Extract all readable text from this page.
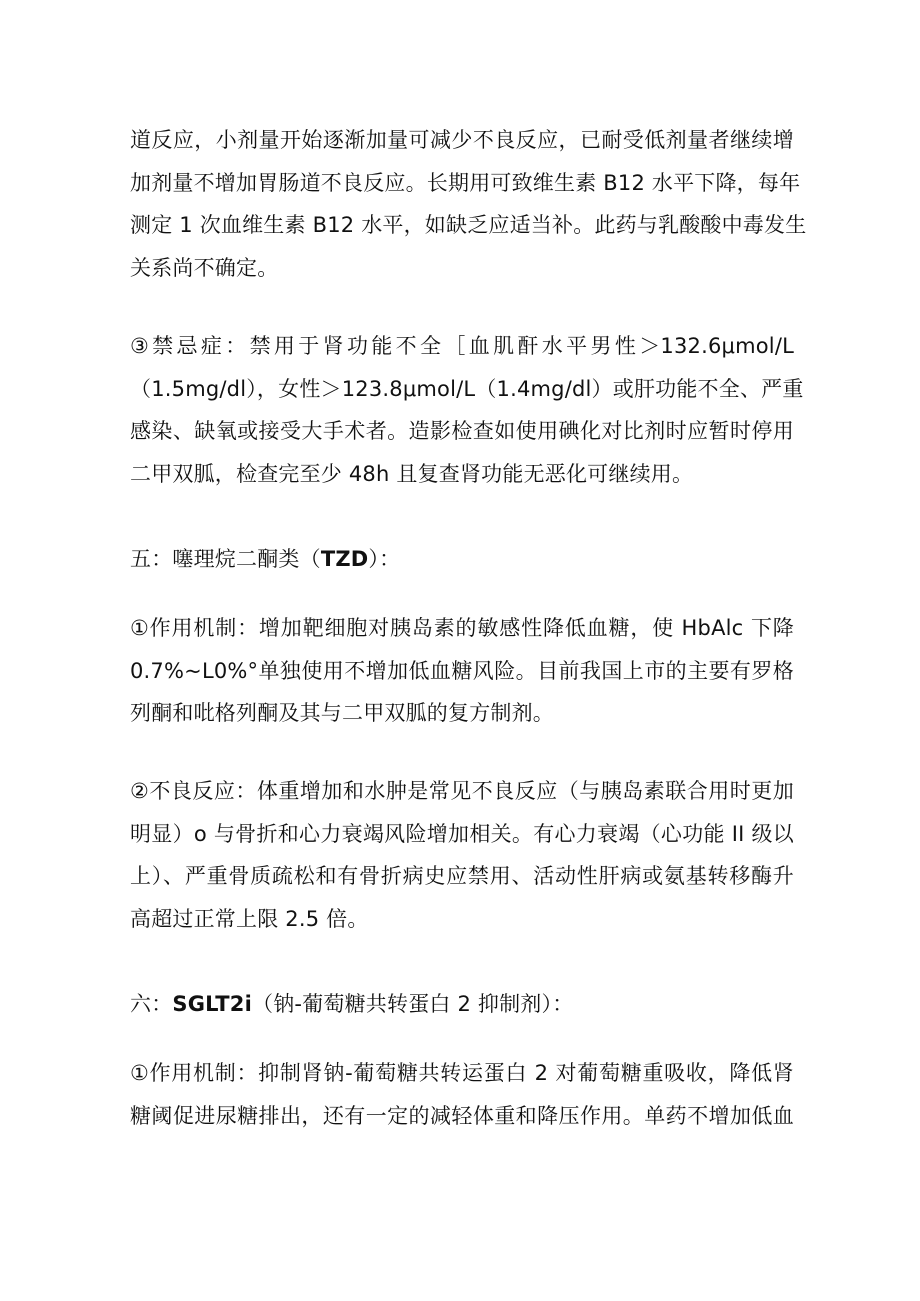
道反应，小剂量开始逐渐加量可减少不良反应，已耐受低剂量者继续增
加剂量不增加胃肠道不良反应。长期用可致维生素 B12 水平下降，每年
测定 1 次血维生素 B12 水平，如缺乏应适当补。此药与乳酸酸中毒发生
关系尚不确定。
③禁忌症：禁用于肾功能不全［血肌酐水平男性＞132.6μmol/L
（1.5mg/dl），女性＞123.8μmol/L（1.4mg/dl）或肝功能不全、严重
感染、缺氧或接受大手术者。造影检查如使用碘化对比剂时应暂时停用
二甲双胍，检查完至少 48h 且复查肾功能无恶化可继续用。
五：噻理烷二酮类（TZD）：
①作用机制：增加靶细胞对胰岛素的敏感性降低血糖，使 HbAlc 下降
0.7%~L0%°单独使用不增加低血糖风险。目前我国上市的主要有罗格
列酮和吡格列酮及其与二甲双胍的复方制剂。
②不良反应：体重增加和水肿是常见不良反应（与胰岛素联合用时更加
明显）o 与骨折和心力衰竭风险增加相关。有心力衰竭（心功能 II 级以
上）、严重骨质疏松和有骨折病史应禁用、活动性肝病或氨基转移酶升
高超过正常上限 2.5 倍。
六：SGLT2i（钠-葡萄糖共转蛋白 2 抑制剂）：
①作用机制：抑制肾钠-葡萄糖共转运蛋白 2 对葡萄糖重吸收，降低肾
糖阈促进尿糖排出，还有一定的减轻体重和降压作用。单药不增加低血
